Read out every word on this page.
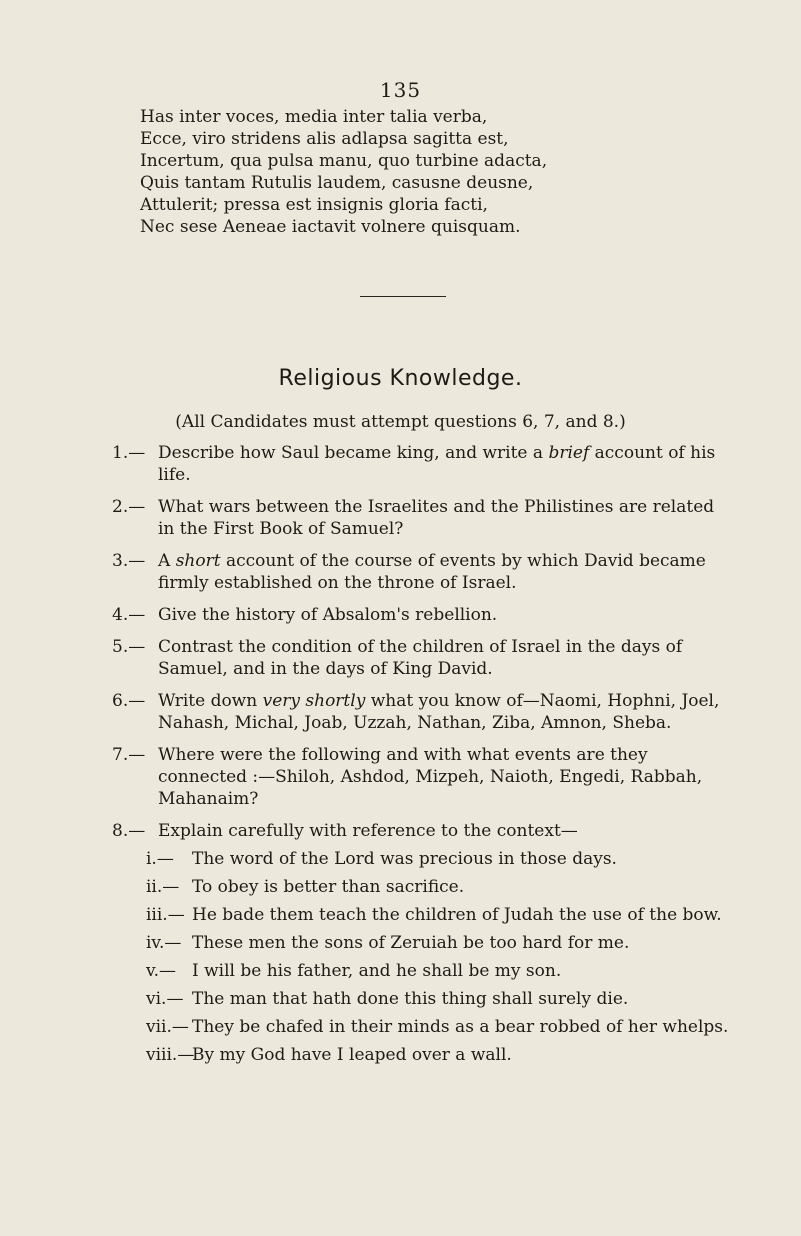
135
Has inter voces, media inter talia verba,
Ecce, viro stridens alis adlapsa sagitta est,
Incertum, qua pulsa manu, quo turbine adacta,
Quis tantam Rutulis laudem, casusne deusne,
Attulerit; pressa est insignis gloria facti,
Nec sese Aeneae iactavit volnere quisquam.
Religious Knowledge.
(All Candidates must attempt questions 6, 7, and 8.)
1.— Describe how Saul became king, and write a brief account of his life.
2.— What wars between the Israelites and the Philistines are related in the First Book of Samuel?
3.— A short account of the course of events by which David became firmly established on the throne of Israel.
4.— Give the history of Absalom's rebellion.
5.— Contrast the condition of the children of Israel in the days of Samuel, and in the days of King David.
6.— Write down very shortly what you know of—Naomi, Hophni, Joel, Nahash, Michal, Joab, Uzzah, Nathan, Ziba, Amnon, Sheba.
7.— Where were the following and with what events are they connected :—Shiloh, Ashdod, Mizpeh, Naioth, Engedi, Rabbah, Mahanaim?
8.— Explain carefully with reference to the context—
i.—	The word of the Lord was precious in those days.
ii.— To obey is better than sacrifice.
iii.— He bade them teach the children of Judah the use of the bow.
iv.— These men the sons of Zeruiah be too hard for me.
v.— I will be his father, and he shall be my son.
vi.— The man that hath done this thing shall surely die.
vii.— They be chafed in their minds as a bear robbed of her whelps.
viii.—
By my God have I leaped over a wall.
